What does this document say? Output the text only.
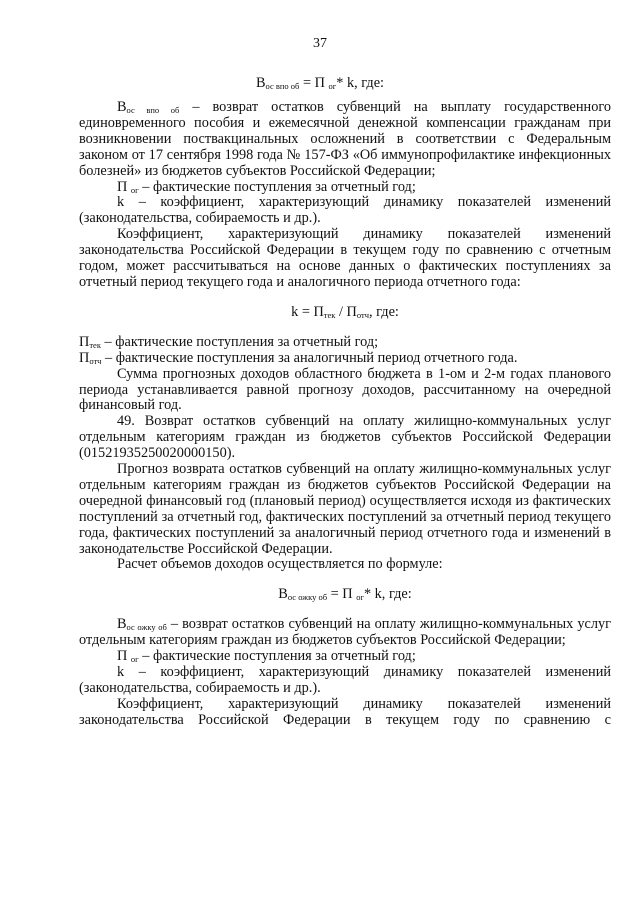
37
$В_{ос впо об} = П$ $_{ог}$* k, где:

$В_{ос впо об}$ – возврат остатков субвенций на выплату государственного единовременного пособия и ежемесячной денежной компенсации гражданам при возникновении поствакцинальных осложнений в соответствии с Федеральным законом от 17 сентября 1998 года № 157-ФЗ «Об иммунопрофилактике инфекционных болезней» из бюджетов субъектов Российской Федерации;

П $_{ог}$ – фактические поступления за отчетный год;

k – коэффициент, характеризующий динамику показателей изменений (законодательства, собираемость и др.).

Коэффициент, характеризующий динамику показателей изменений законодательства Российской Федерации в текущем году по сравнению с отчетным годом, может рассчитываться на основе данных о фактических поступлениях за отчетный период текущего года и аналогичного периода отчетного года:

$k = П_{тек} / П_{отч}$, где:

$П_{тек}$ – фактические поступления за отчетный год;

$П_{отч}$ – фактические поступления за аналогичный период отчетного года.

Сумма прогнозных доходов областного бюджета в 1-ом и 2-м годах планового периода устанавливается равной прогнозу доходов, рассчитанному на очередной финансовый год.

49. Возврат остатков субвенций на оплату жилищно-коммунальных услуг отдельным категориям граждан из бюджетов субъектов Российской Федерации (01521935250020000150).

Прогноз возврата остатков субвенций на оплату жилищно-коммунальных услуг отдельным категориям граждан из бюджетов субъектов Российской Федерации на очередной финансовый год (плановый период) осуществляется исходя из фактических поступлений за отчетный год, фактических поступлений за отчетный период текущего года, фактических поступлений за аналогичный период отчетного года и изменений в законодательстве Российской Федерации.

Расчет объемов доходов осуществляется по формуле:

$В_{ос ожку об} = П$ $_{ог}$* k, где:

$В_{ос ожку об}$ – возврат остатков субвенций на оплату жилищно-коммунальных услуг отдельным категориям граждан из бюджетов субъектов Российской Федерации;

П $_{ог}$ – фактические поступления за отчетный год;

k – коэффициент, характеризующий динамику показателей изменений (законодательства, собираемость и др.).

Коэффициент, характеризующий динамику показателей изменений законодательства Российской Федерации в текущем году по сравнению с
